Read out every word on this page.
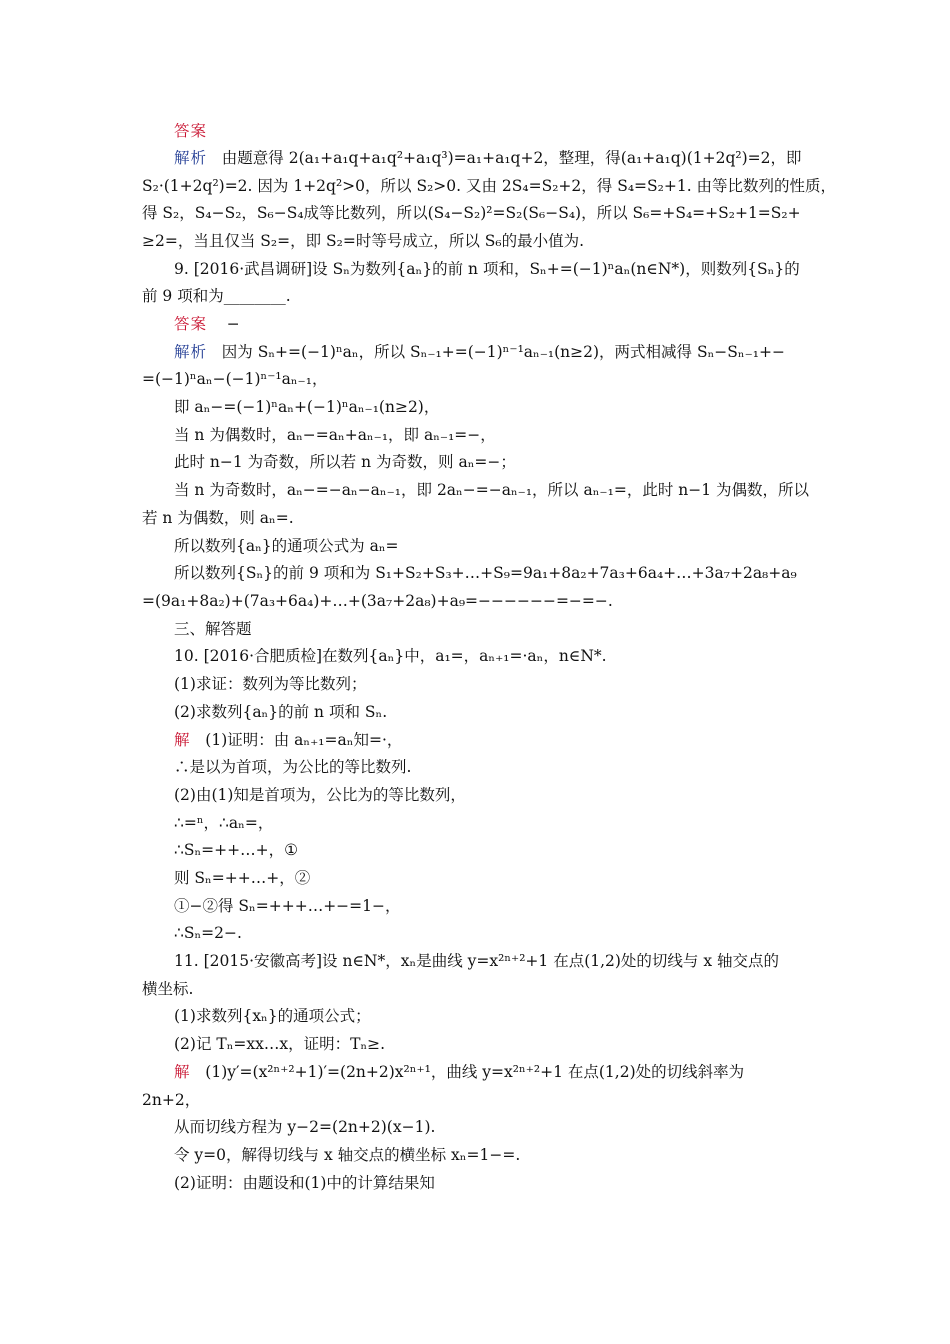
答案
解析 由题意得 2(a₁+a₁q+a₁q²+a₁q³)=a₁+a₁q+2，整理，得(a₁+a₁q)(1+2q²)=2，即
S₂·(1+2q²)=2. 因为 1+2q²>0，所以 S₂>0. 又由 2S₄=S₂+2，得 S₄=S₂+1. 由等比数列的性质，
得 S₂，S₄−S₂，S₆−S₄成等比数列，所以(S₄−S₂)²=S₂(S₆−S₄)，所以 S₆=+S₄=+S₂+1=S₂+
≥2=，当且仅当 S₂=，即 S₂=时等号成立，所以 S₆的最小值为.
9. [2016·武昌调研]设 Sₙ为数列{aₙ}的前 n 项和，Sₙ+=(−1)ⁿaₙ(n∈N*)，则数列{Sₙ}的
前 9 项和为________.
答案 −
解析 因为 Sₙ+=(−1)ⁿaₙ，所以 Sₙ₋₁+=(−1)ⁿ⁻¹aₙ₋₁(n≥2)，两式相减得 Sₙ−Sₙ₋₁+−
=(−1)ⁿaₙ−(−1)ⁿ⁻¹aₙ₋₁，
即 aₙ−=(−1)ⁿaₙ+(−1)ⁿaₙ₋₁(n≥2)，
当 n 为偶数时，aₙ−=aₙ+aₙ₋₁，即 aₙ₋₁=−，
此时 n−1 为奇数，所以若 n 为奇数，则 aₙ=−；
当 n 为奇数时，aₙ−=−aₙ−aₙ₋₁，即 2aₙ−=−aₙ₋₁，所以 aₙ₋₁=，此时 n−1 为偶数，所以
若 n 为偶数，则 aₙ=.
所以数列{aₙ}的通项公式为 aₙ=
所以数列{Sₙ}的前 9 项和为 S₁+S₂+S₃+…+S₉=9a₁+8a₂+7a₃+6a₄+…+3a₇+2a₈+a₉
=(9a₁+8a₂)+(7a₃+6a₄)+…+(3a₇+2a₈)+a₉=−−−−−−=−=−.
三、解答题
10. [2016·合肥质检]在数列{aₙ}中，a₁=，aₙ₊₁=·aₙ，n∈N*.
(1)求证：数列为等比数列；
(2)求数列{aₙ}的前 n 项和 Sₙ.
解 (1)证明：由 aₙ₊₁=aₙ知=·，
∴是以为首项，为公比的等比数列.
(2)由(1)知是首项为，公比为的等比数列，
∴=ⁿ，∴aₙ=，
∴Sₙ=++…+，①
则 Sₙ=++…+，②
①−②得 Sₙ=+++…+−=1−，
∴Sₙ=2−.
11. [2015·安徽高考]设 n∈N*，xₙ是曲线 y=x²ⁿ⁺²+1 在点(1,2)处的切线与 x 轴交点的
横坐标.
(1)求数列{xₙ}的通项公式；
(2)记 Tₙ=xx…x，证明：Tₙ≥.
解 (1)y′=(x²ⁿ⁺²+1)′=(2n+2)x²ⁿ⁺¹，曲线 y=x²ⁿ⁺²+1 在点(1,2)处的切线斜率为
2n+2，
从而切线方程为 y−2=(2n+2)(x−1).
令 y=0，解得切线与 x 轴交点的横坐标 xₙ=1−=.
(2)证明：由题设和(1)中的计算结果知
